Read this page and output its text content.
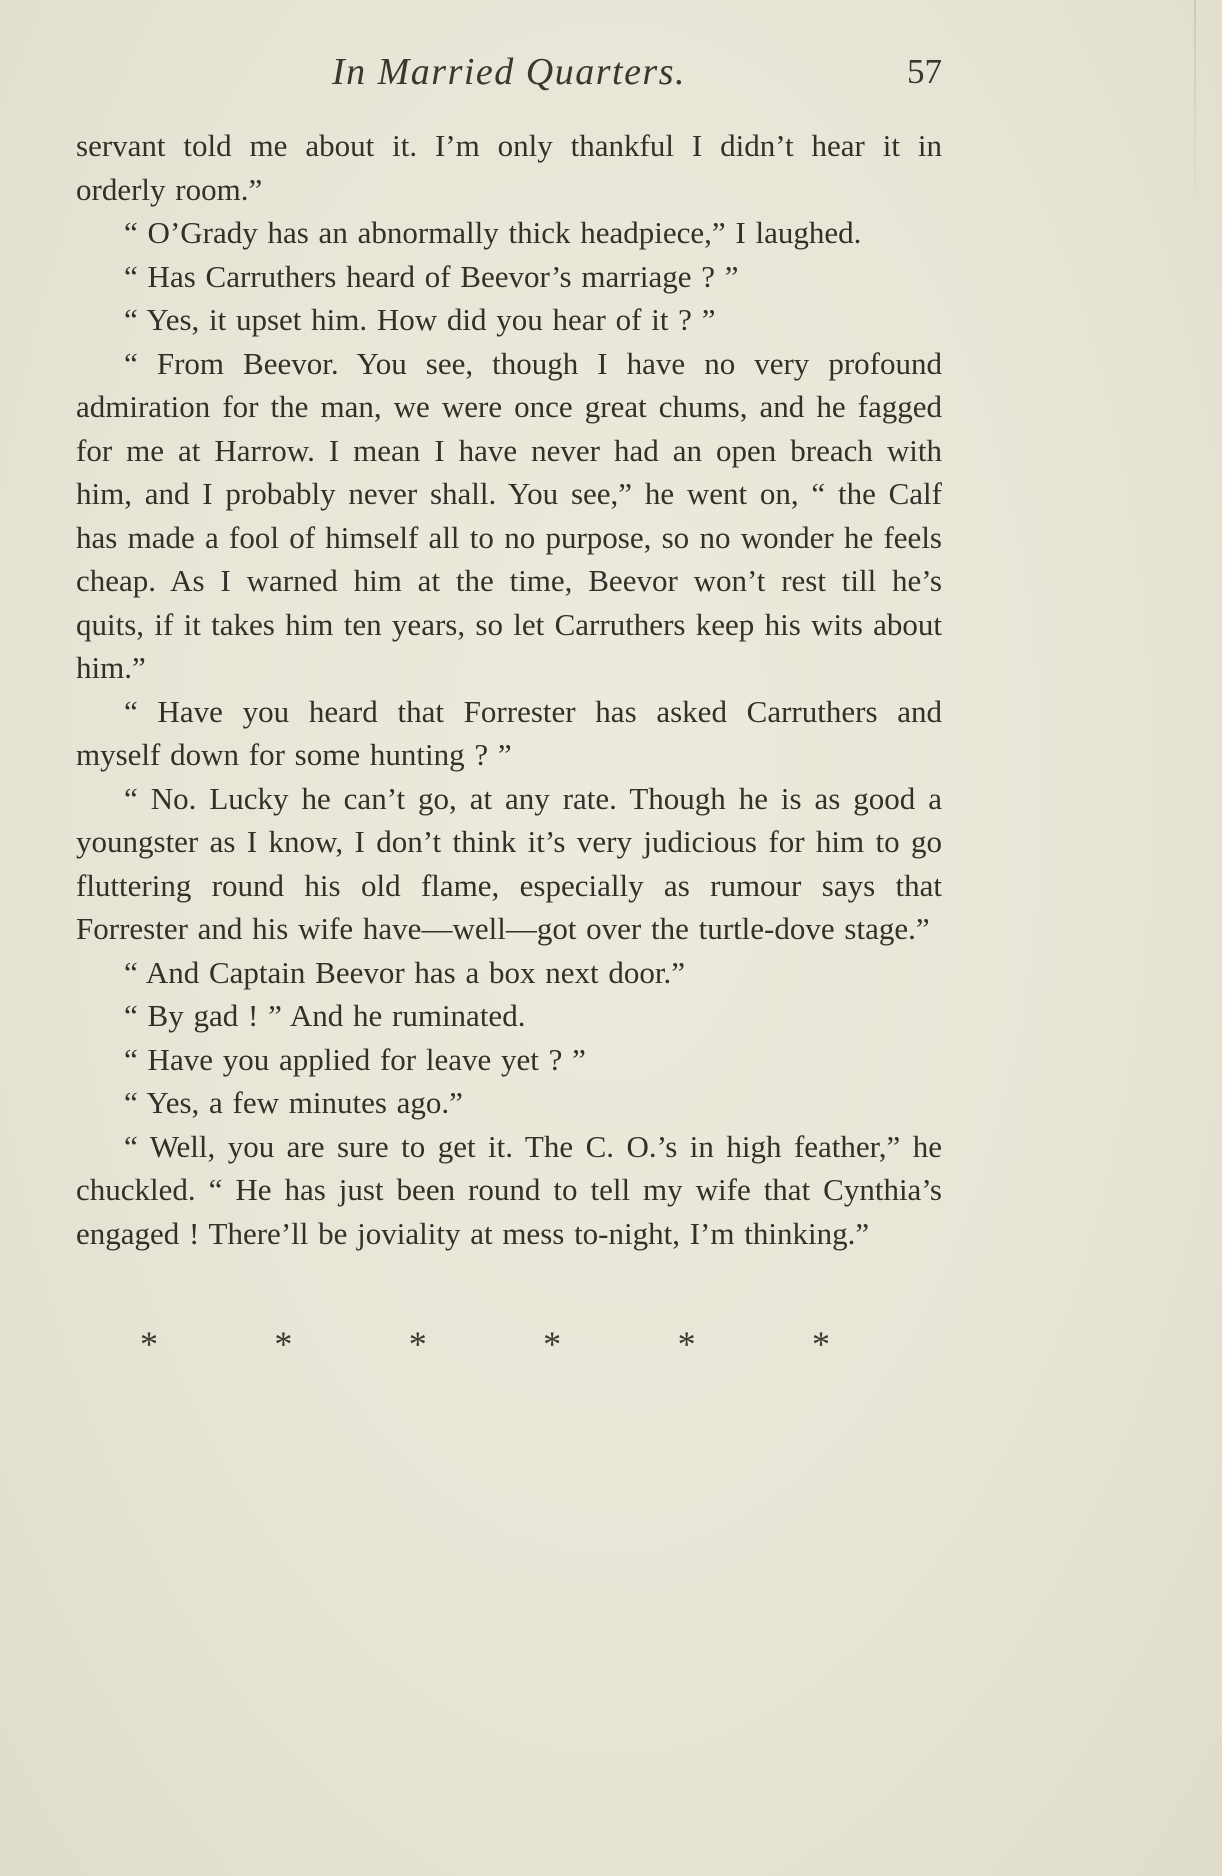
In Married Quarters.	57

servant told me about it. I’m only thankful I didn’t hear it in orderly room.”

“ O’Grady has an abnormally thick headpiece,” I laughed.

“ Has Carruthers heard of Beevor’s marriage ? ”

“ Yes, it upset him. How did you hear of it ? ”

“ From Beevor. You see, though I have no very profound admiration for the man, we were once great chums, and he fagged for me at Harrow. I mean I have never had an open breach with him, and I probably never shall. You see,” he went on, “ the Calf has made a fool of himself all to no purpose, so no wonder he feels cheap. As I warned him at the time, Beevor won’t rest till he’s quits, if it takes him ten years, so let Carruthers keep his wits about him.”

“ Have you heard that Forrester has asked Carruthers and myself down for some hunting ? ”

“ No. Lucky he can’t go, at any rate. Though he is as good a youngster as I know, I don’t think it’s very judicious for him to go fluttering round his old flame, especially as rumour says that Forrester and his wife have—well—got over the turtle-dove stage.”

“ And Captain Beevor has a box next door.”

“ By gad ! ” And he ruminated.

“ Have you applied for leave yet ? ”

“ Yes, a few minutes ago.”

“ Well, you are sure to get it. The C. O.’s in high feather,” he chuckled. “ He has just been round to tell my wife that Cynthia’s engaged ! There’ll be joviality at mess to-night, I’m thinking.”

*	*	*	*	*	*
